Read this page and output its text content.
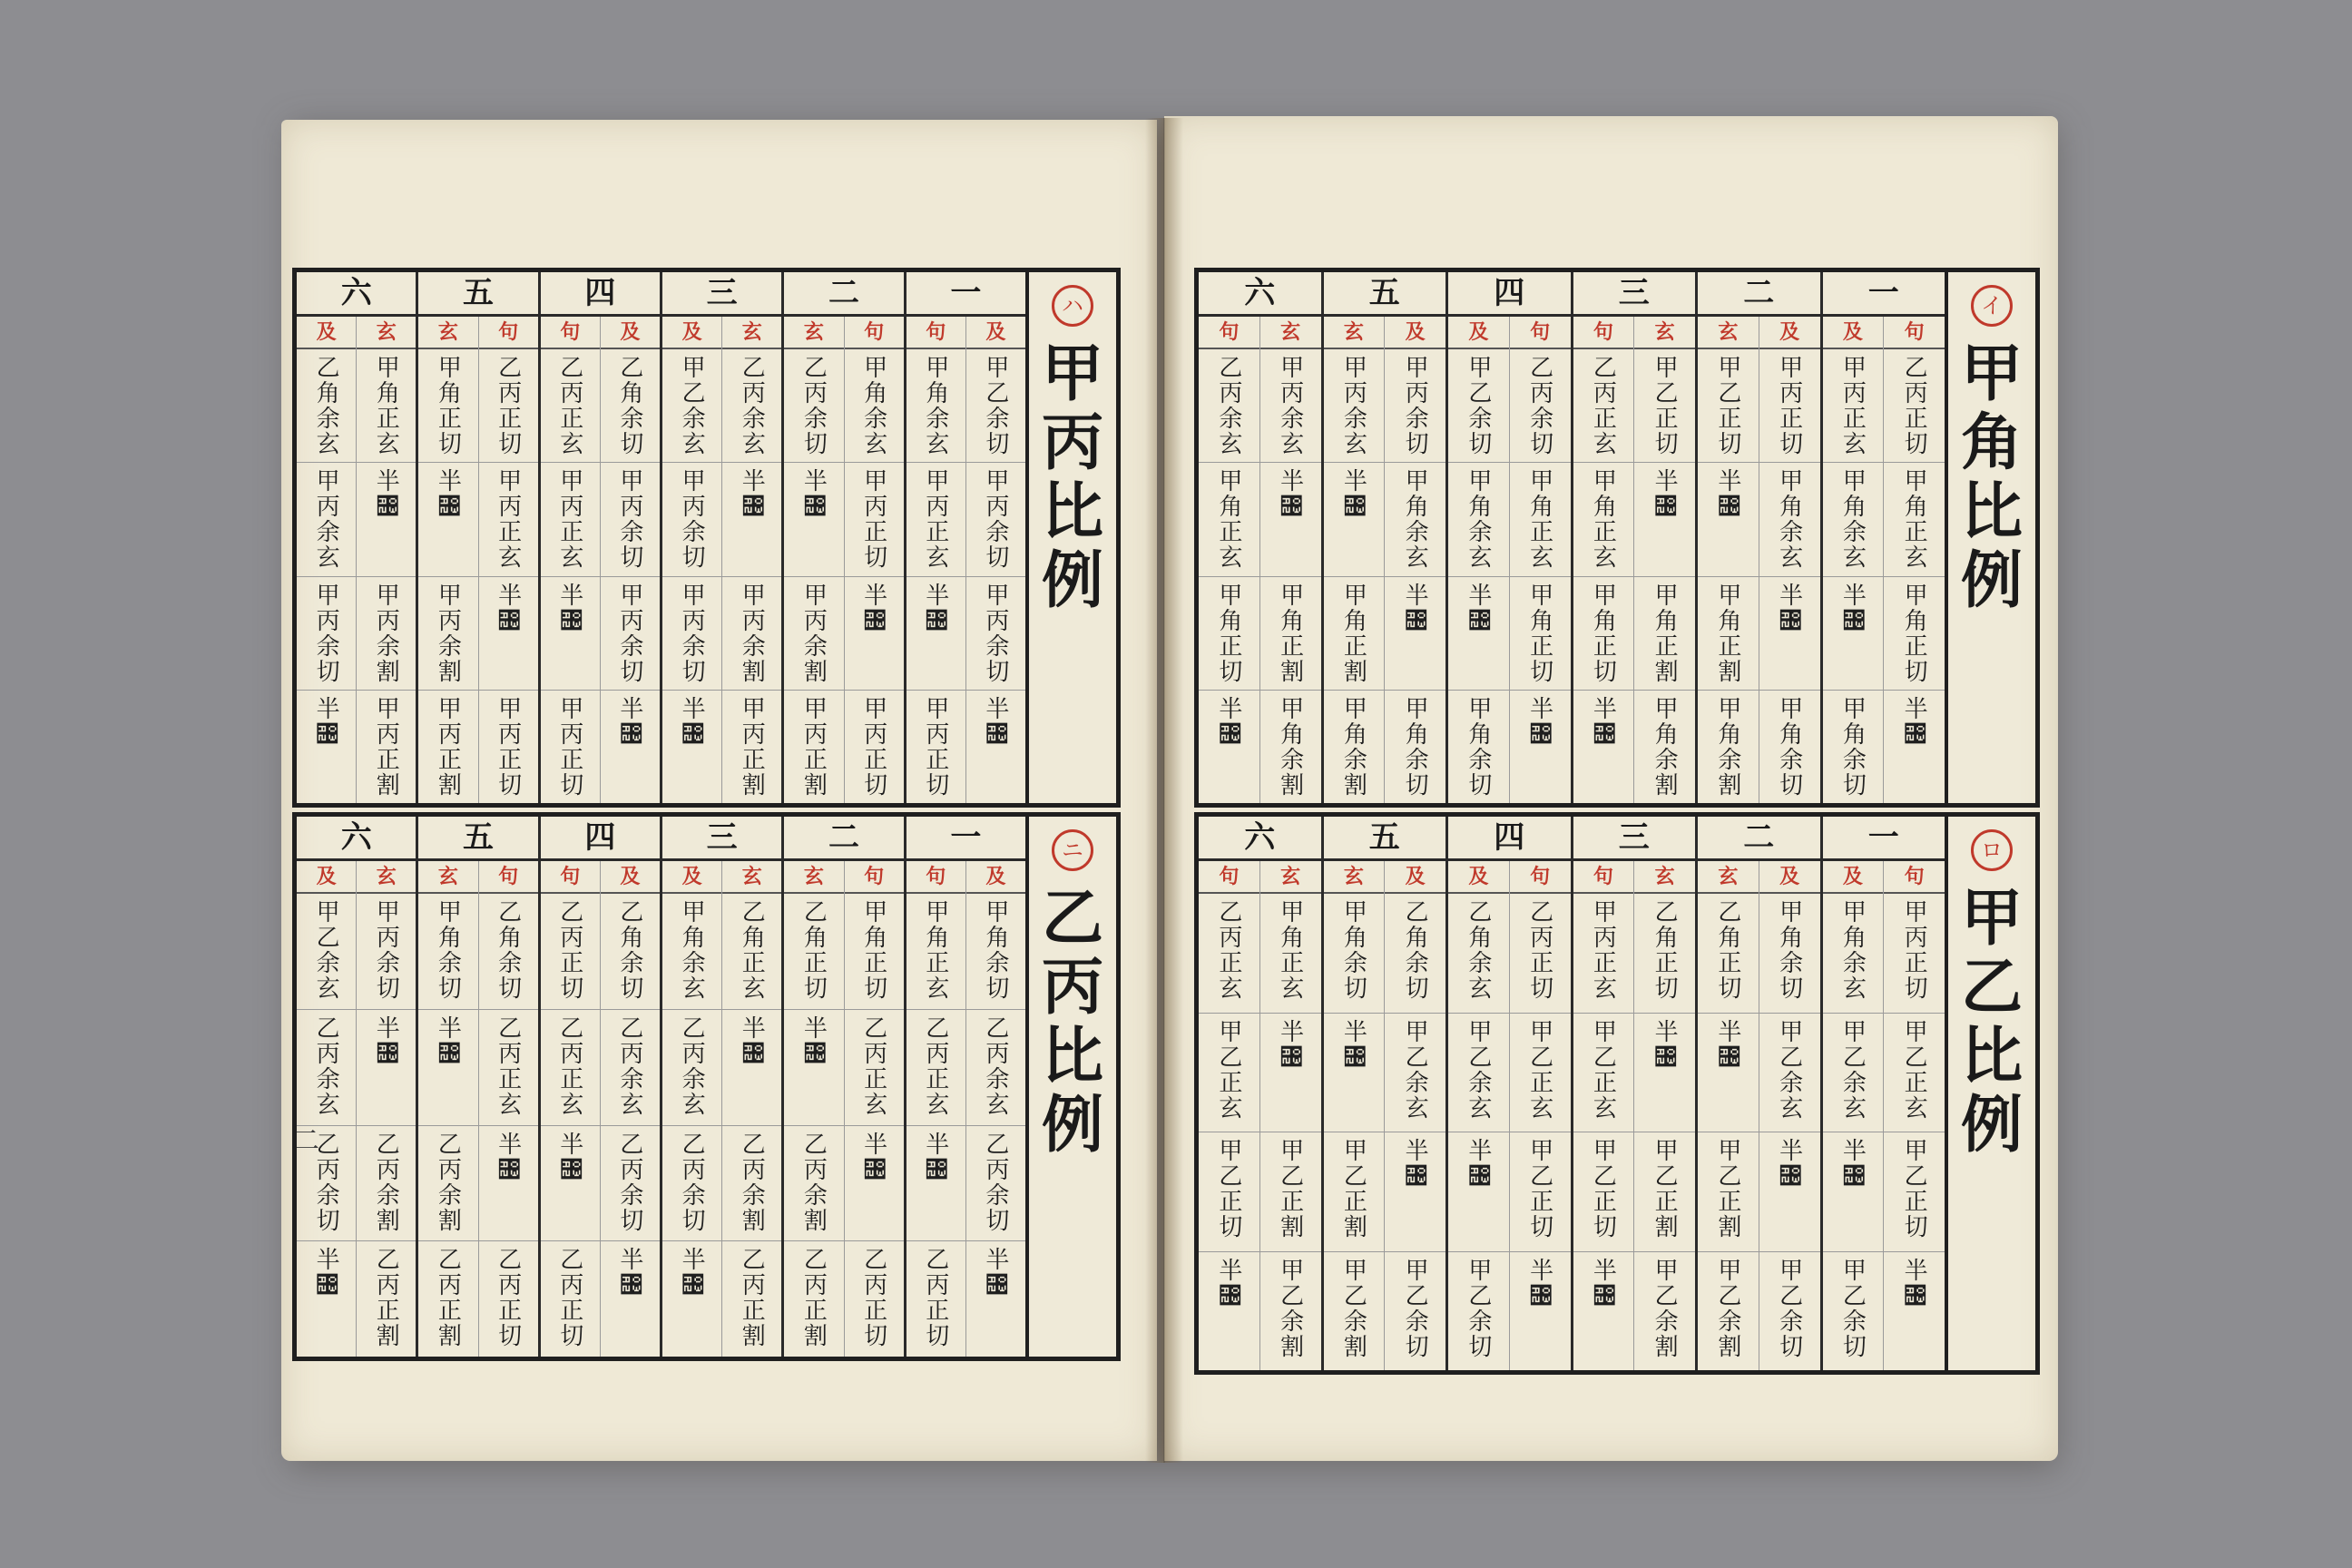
二
ハ
甲
丙
比
例
一
及
甲乙余切
甲丙余切
甲丙余切
半΢
句
甲角余玄
甲丙正玄
半΢
甲丙正切
二
句
甲角余玄
甲丙正切
半΢
甲丙正切
玄
乙丙余切
半΢
甲丙余割
甲丙正割
三
玄
乙丙余玄
半΢
甲丙余割
甲丙正割
及
甲乙余玄
甲丙余切
甲丙余切
半΢
四
及
乙角余切
甲丙余切
甲丙余切
半΢
句
乙丙正玄
甲丙正玄
半΢
甲丙正切
五
句
乙丙正切
甲丙正玄
半΢
甲丙正切
玄
甲角正切
半΢
甲丙余割
甲丙正割
六
玄
甲角正玄
半΢
甲丙余割
甲丙正割
及
乙角余玄
甲丙余玄
甲丙余切
半΢
ニ
乙
丙
比
例
一
及
甲角余切
乙丙余玄
乙丙余切
半΢
句
甲角正玄
乙丙正玄
半΢
乙丙正切
二
句
甲角正切
乙丙正玄
半΢
乙丙正切
玄
乙角正切
半΢
乙丙余割
乙丙正割
三
玄
乙角正玄
半΢
乙丙余割
乙丙正割
及
甲角余玄
乙丙余玄
乙丙余切
半΢
四
及
乙角余切
乙丙余玄
乙丙余切
半΢
句
乙丙正切
乙丙正玄
半΢
乙丙正切
五
句
乙角余切
乙丙正玄
半΢
乙丙正切
玄
甲角余切
半΢
乙丙余割
乙丙正割
六
玄
甲丙余切
半΢
乙丙余割
乙丙正割
及
甲乙余玄
乙丙余玄
乙丙余切
半΢
イ
甲
角
比
例
一
句
乙丙正切
甲角正玄
甲角正切
半΢
及
甲丙正玄
甲角余玄
半΢
甲角余切
二
及
甲丙正切
甲角余玄
半΢
甲角余切
玄
甲乙正切
半΢
甲角正割
甲角余割
三
玄
甲乙正切
半΢
甲角正割
甲角余割
句
乙丙正玄
甲角正玄
甲角正切
半΢
四
句
乙丙余切
甲角正玄
甲角正切
半΢
及
甲乙余切
甲角余玄
半΢
甲角余切
五
及
甲丙余切
甲角余玄
半΢
甲角余切
玄
甲丙余玄
半΢
甲角正割
甲角余割
六
玄
甲丙余玄
半΢
甲角正割
甲角余割
句
乙丙余玄
甲角正玄
甲角正切
半΢
ロ
甲
乙
比
例
一
句
甲丙正切
甲乙正玄
甲乙正切
半΢
及
甲角余玄
甲乙余玄
半΢
甲乙余切
二
及
甲角余切
甲乙余玄
半΢
甲乙余切
玄
乙角正切
半΢
甲乙正割
甲乙余割
三
玄
乙角正切
半΢
甲乙正割
甲乙余割
句
甲丙正玄
甲乙正玄
甲乙正切
半΢
四
句
乙丙正切
甲乙正玄
甲乙正切
半΢
及
乙角余玄
甲乙余玄
半΢
甲乙余切
五
及
乙角余切
甲乙余玄
半΢
甲乙余切
玄
甲角余切
半΢
甲乙正割
甲乙余割
六
玄
甲角正玄
半΢
甲乙正割
甲乙余割
句
乙丙正玄
甲乙正玄
甲乙正切
半΢
